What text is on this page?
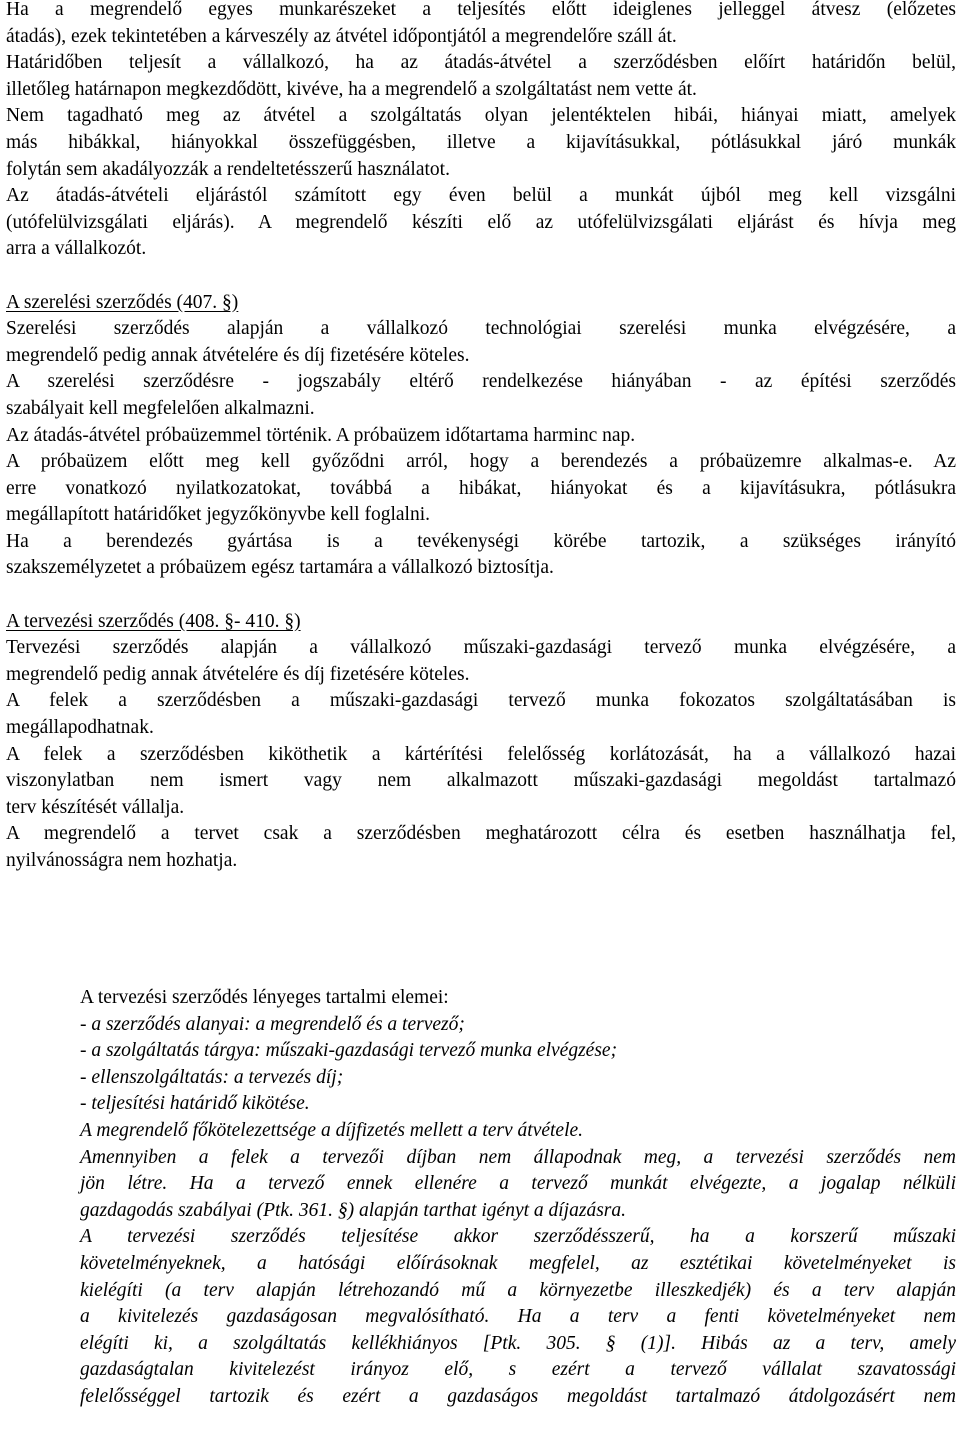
Ha a megrendelő egyes munkarészeket a teljesítés előtt ideiglenes jelleggel átvesz (előzetes
átadás), ezek tekintetében a kárveszély az átvétel időpontjától a megrendelőre száll át.
Határidőben teljesít a vállalkozó, ha az átadás-átvétel a szerződésben előírt határidőn belül,
illetőleg határnapon megkezdődött, kivéve, ha a megrendelő a szolgáltatást nem vette át.
Nem tagadható meg az átvétel a szolgáltatás olyan jelentéktelen hibái, hiányai miatt, amelyek
más hibákkal, hiányokkal összefüggésben, illetve a kijavításukkal, pótlásukkal járó munkák
folytán sem akadályozzák a rendeltetésszerű használatot.
Az átadás-átvételi eljárástól számított egy éven belül a munkát újból meg kell vizsgálni
(utófelülvizsgálati eljárás). A megrendelő készíti elő az utófelülvizsgálati eljárást és hívja meg
arra a vállalkozót.
A szerelési szerződés (407. §)
Szerelési szerződés alapján a vállalkozó technológiai szerelési munka elvégzésére, a
megrendelő pedig annak átvételére és díj fizetésére köteles.
A szerelési szerződésre - jogszabály eltérő rendelkezése hiányában - az építési szerződés
szabályait kell megfelelően alkalmazni.
Az átadás-átvétel próbaüzemmel történik. A próbaüzem időtartama harminc nap.
A próbaüzem előtt meg kell győződni arról, hogy a berendezés a próbaüzemre alkalmas-e. Az
erre vonatkozó nyilatkozatokat, továbbá a hibákat, hiányokat és a kijavításukra, pótlásukra
megállapított határidőket jegyzőkönyvbe kell foglalni.
Ha a berendezés gyártása is a tevékenységi körébe tartozik, a szükséges irányító
szakszemélyzetet a próbaüzem egész tartamára a vállalkozó biztosítja.
A tervezési szerződés (408. §- 410. §)
Tervezési szerződés alapján a vállalkozó műszaki-gazdasági tervező munka elvégzésére, a
megrendelő pedig annak átvételére és díj fizetésére köteles.
A felek a szerződésben a műszaki-gazdasági tervező munka fokozatos szolgáltatásában is
megállapodhatnak.
A felek a szerződésben kiköthetik a kártérítési felelősség korlátozását, ha a vállalkozó hazai
viszonylatban nem ismert vagy nem alkalmazott műszaki-gazdasági megoldást tartalmazó
terv készítését vállalja.
A megrendelő a tervet csak a szerződésben meghatározott célra és esetben használhatja fel,
nyilvánosságra nem hozhatja.
A tervezési szerződés lényeges tartalmi elemei:
- a szerződés alanyai: a megrendelő és a tervező;
- a szolgáltatás tárgya: műszaki-gazdasági tervező munka elvégzése;
- ellenszolgáltatás: a tervezés díj;
- teljesítési határidő kikötése.
A megrendelő főkötelezettsége a díjfizetés mellett a terv átvétele.
Amennyiben a felek a tervezői díjban nem állapodnak meg, a tervezési szerződés nem
jön létre. Ha a tervező ennek ellenére a tervező munkát elvégezte, a jogalap nélküli
gazdagodás szabályai (Ptk. 361. §) alapján tarthat igényt a díjazásra.
A tervezési szerződés teljesítése akkor szerződésszerű, ha a korszerű műszaki
követelményeknek, a hatósági előírásoknak megfelel, az esztétikai követelményeket is
kielégíti (a terv alapján létrehozandó mű a környezetbe illeszkedjék) és a terv alapján
a kivitelezés gazdaságosan megvalósítható. Ha a terv a fenti követelményeket nem
elégíti ki, a szolgáltatás kellékhiányos [Ptk. 305. § (1)]. Hibás az a terv, amely
gazdaságtalan kivitelezést irányoz elő, s ezért a tervező vállalat szavatossági
felelősséggel tartozik és ezért a gazdaságos megoldást tartalmazó átdolgozásért nem
